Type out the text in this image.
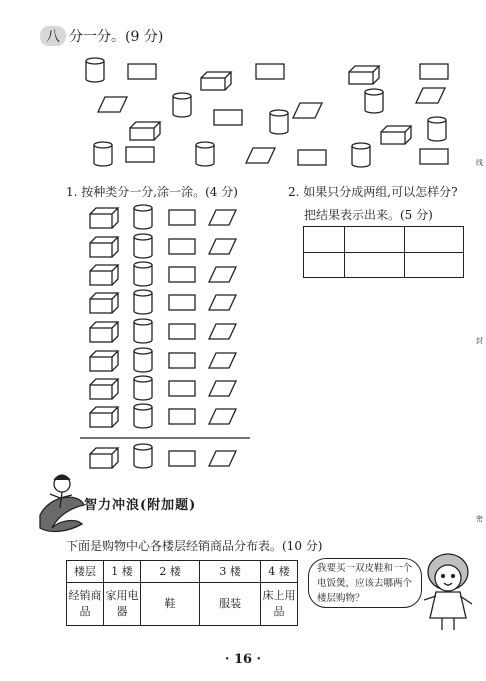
八 分一分。(9 分)
1. 按种类分一分,涂一涂。(4 分)	2. 如果只分成两组,可以怎样分?
把结果表示出来。(5 分)

智力冲浪(附加题)
下面是购物中心各楼层经销商品分布表。(10 分)
楼层	1 楼	2 楼	3 楼	4 楼
经销商品	家用电器	鞋	服装	床上用品
我要买一双皮鞋和一个电饭煲，应该去哪两个楼层购物？
线
封
密
· 16 ·
